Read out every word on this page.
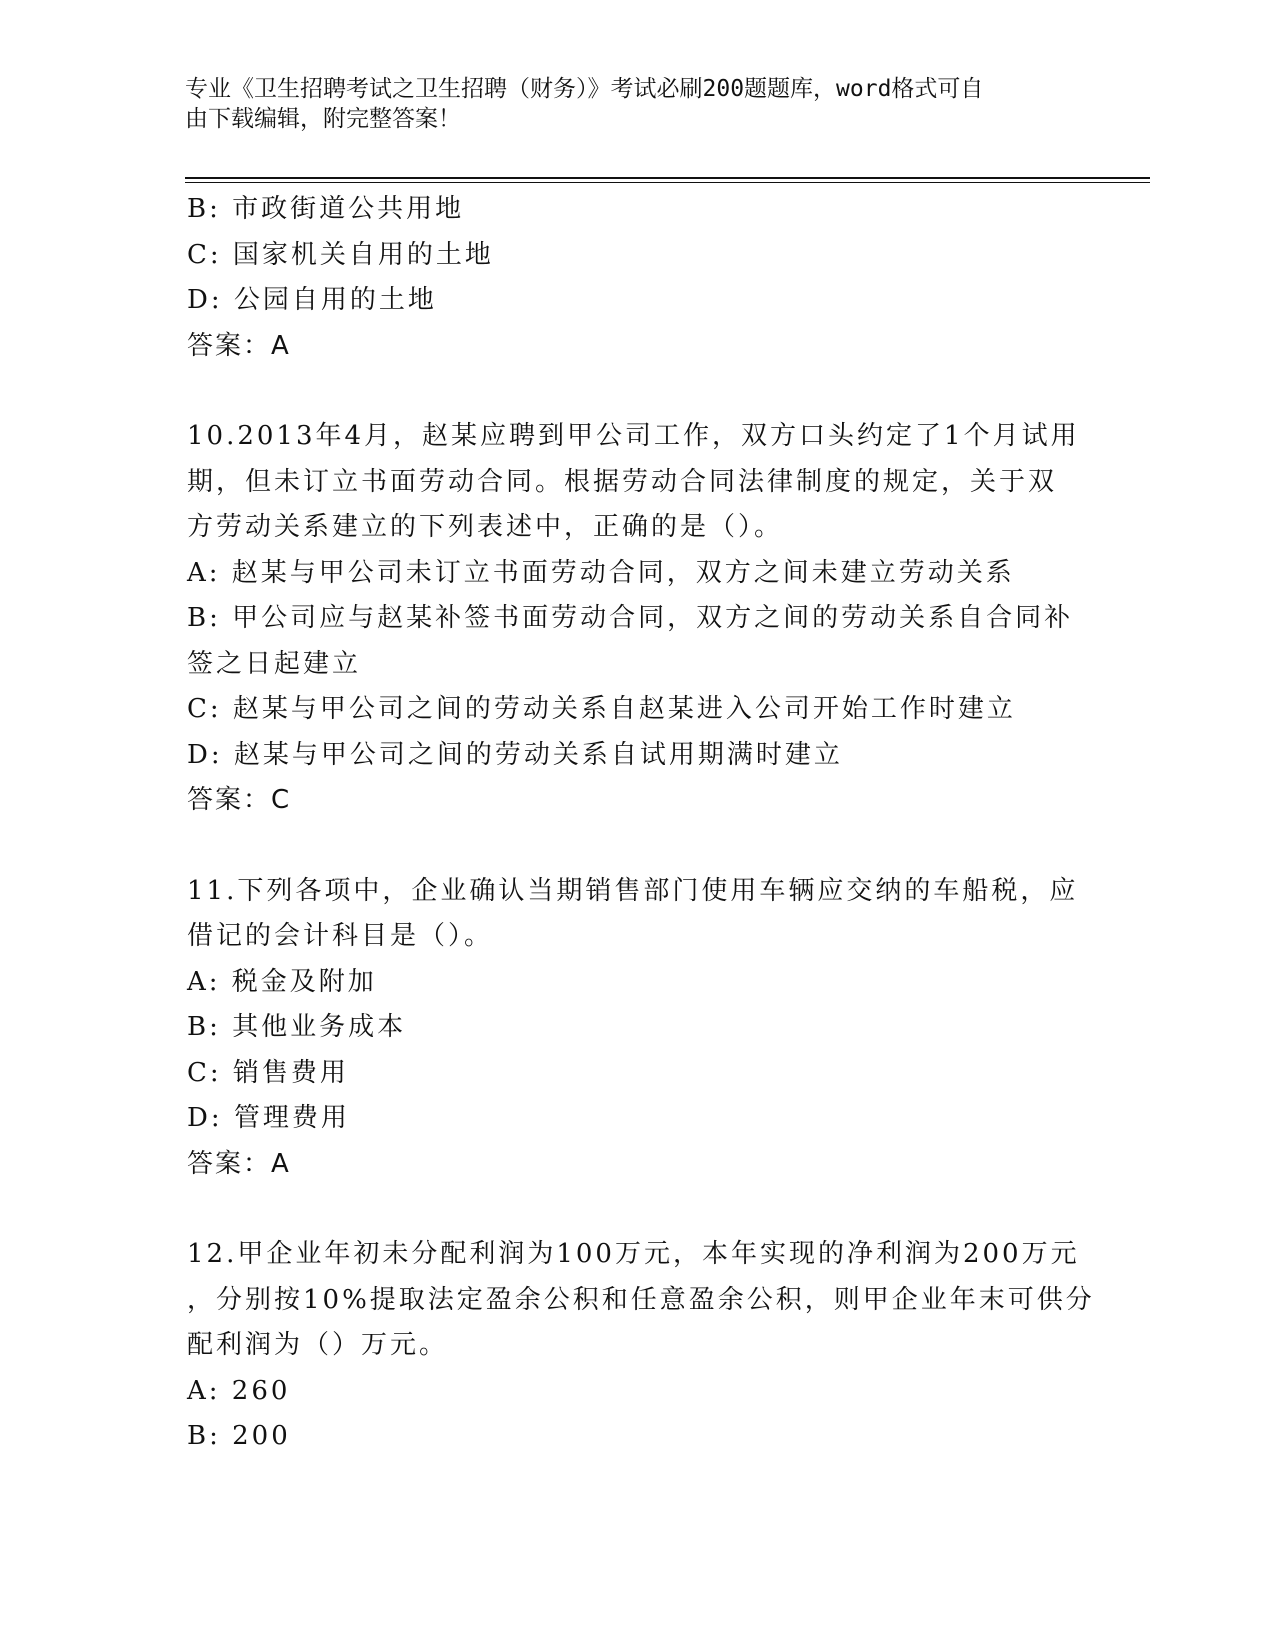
专业《卫生招聘考试之卫生招聘（财务）》考试必刷200题题库，word格式可自
由下载编辑，附完整答案！
B: 市政街道公共用地
C: 国家机关自用的土地
D: 公园自用的土地
答案：A
10.2013年4月，赵某应聘到甲公司工作，双方口头约定了1个月试用
期，但未订立书面劳动合同。根据劳动合同法律制度的规定，关于双
方劳动关系建立的下列表述中，正确的是（）。
A: 赵某与甲公司未订立书面劳动合同，双方之间未建立劳动关系
B: 甲公司应与赵某补签书面劳动合同，双方之间的劳动关系自合同补
签之日起建立
C: 赵某与甲公司之间的劳动关系自赵某进入公司开始工作时建立
D: 赵某与甲公司之间的劳动关系自试用期满时建立
答案：C
11.下列各项中，企业确认当期销售部门使用车辆应交纳的车船税，应
借记的会计科目是（）。
A: 税金及附加
B: 其他业务成本
C: 销售费用
D: 管理费用
答案：A
12.甲企业年初未分配利润为100万元，本年实现的净利润为200万元
，分别按10%提取法定盈余公积和任意盈余公积，则甲企业年末可供分
配利润为（）万元。
A: 260
B: 200
